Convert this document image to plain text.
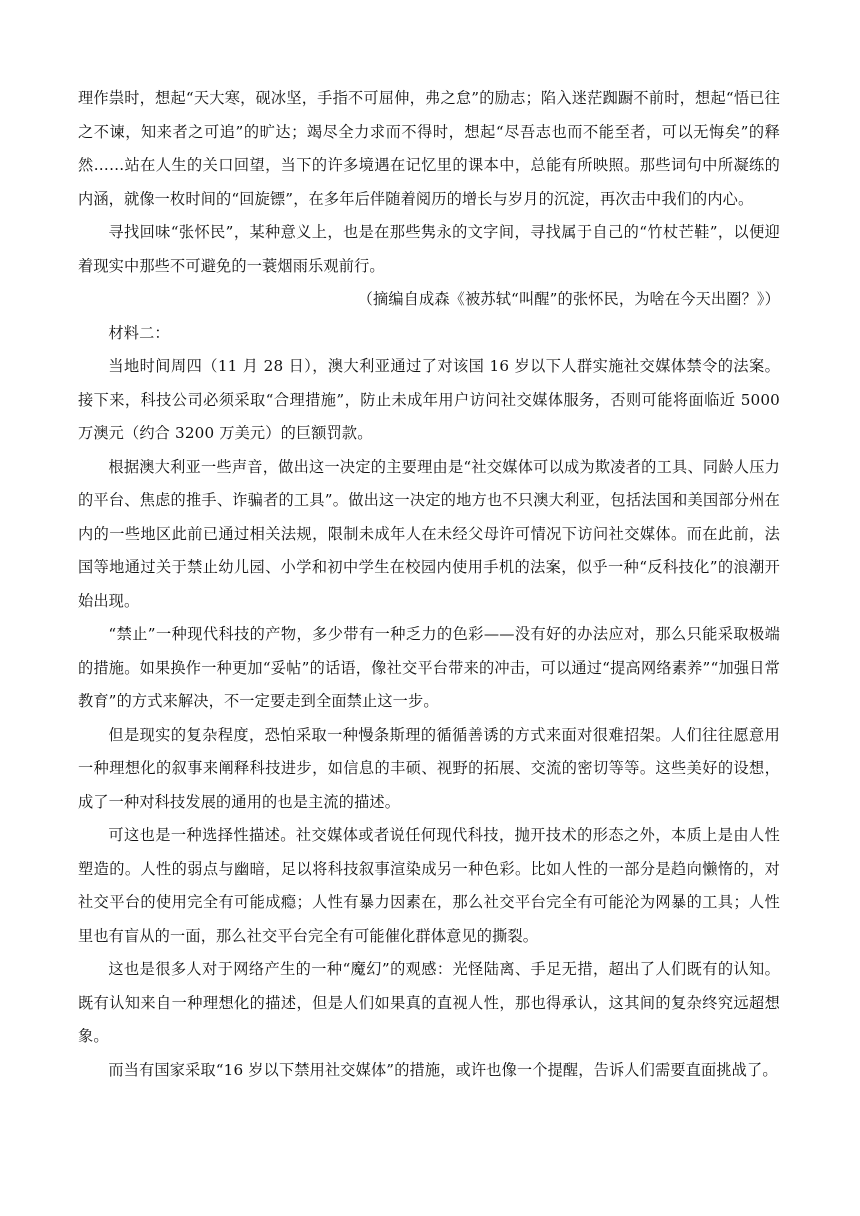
理作祟时，想起“天大寒，砚冰坚，手指不可屈伸，弗之怠”的励志；陷入迷茫踟蹰不前时，想起“悟已往之不谏，知来者之可追”的旷达；竭尽全力求而不得时，想起“尽吾志也而不能至者，可以无悔矣”的释然……站在人生的关口回望，当下的许多境遇在记忆里的课本中，总能有所映照。那些词句中所凝练的内涵，就像一枚时间的“回旋镖”，在多年后伴随着阅历的增长与岁月的沉淀，再次击中我们的内心。

寻找回味“张怀民”，某种意义上，也是在那些隽永的文字间，寻找属于自己的“竹杖芒鞋”，以便迎着现实中那些不可避免的一蓑烟雨乐观前行。

（摘编自成森《被苏轼“叫醒”的张怀民，为啥在今天出圈？》）

材料二：

当地时间周四（11 月 28 日），澳大利亚通过了对该国 16 岁以下人群实施社交媒体禁令的法案。接下来，科技公司必须采取“合理措施”，防止未成年用户访问社交媒体服务，否则可能将面临近 5000 万澳元（约合 3200 万美元）的巨额罚款。

根据澳大利亚一些声音，做出这一决定的主要理由是“社交媒体可以成为欺凌者的工具、同龄人压力的平台、焦虑的推手、诈骗者的工具”。做出这一决定的地方也不只澳大利亚，包括法国和美国部分州在内的一些地区此前已通过相关法规，限制未成年人在未经父母许可情况下访问社交媒体。而在此前，法国等地通过关于禁止幼儿园、小学和初中学生在校园内使用手机的法案，似乎一种“反科技化”的浪潮开始出现。

“禁止”一种现代科技的产物，多少带有一种乏力的色彩——没有好的办法应对，那么只能采取极端的措施。如果换作一种更加“妥帖”的话语，像社交平台带来的冲击，可以通过“提高网络素养”“加强日常教育”的方式来解决，不一定要走到全面禁止这一步。

但是现实的复杂程度，恐怕采取一种慢条斯理的循循善诱的方式来面对很难招架。人们往往愿意用一种理想化的叙事来阐释科技进步，如信息的丰硕、视野的拓展、交流的密切等等。这些美好的设想，成了一种对科技发展的通用的也是主流的描述。

可这也是一种选择性描述。社交媒体或者说任何现代科技，抛开技术的形态之外，本质上是由人性塑造的。人性的弱点与幽暗，足以将科技叙事渲染成另一种色彩。比如人性的一部分是趋向懒惰的，对社交平台的使用完全有可能成瘾；人性有暴力因素在，那么社交平台完全有可能沦为网暴的工具；人性里也有盲从的一面，那么社交平台完全有可能催化群体意见的撕裂。

这也是很多人对于网络产生的一种“魔幻”的观感：光怪陆离、手足无措，超出了人们既有的认知。既有认知来自一种理想化的描述，但是人们如果真的直视人性，那也得承认，这其间的复杂终究远超想象。

而当有国家采取“16 岁以下禁用社交媒体”的措施，或许也像一个提醒，告诉人们需要直面挑战了。
